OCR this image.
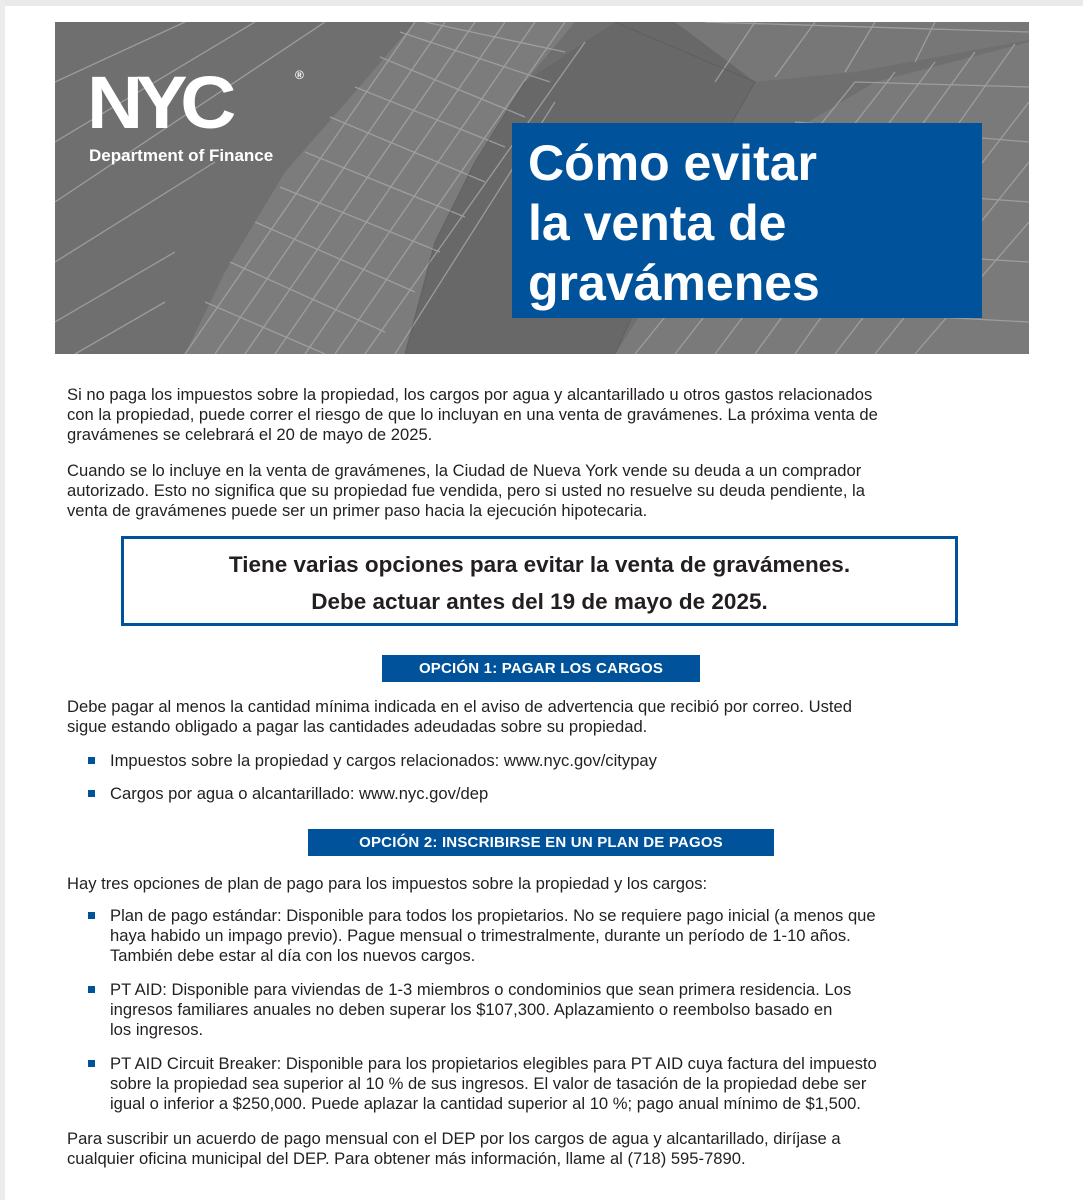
NYC	®
Department of Finance	Cómo evitar
la venta de
gravámenes
Si no paga los impuestos sobre la propiedad, los cargos por agua y alcantarillado u otros gastos relacionados
con la propiedad, puede correr el riesgo de que lo incluyan en una venta de gravámenes. La próxima venta de
gravámenes se celebrará el 20 de mayo de 2025.
Cuando se lo incluye en la venta de gravámenes, la Ciudad de Nueva York vende su deuda a un comprador
autorizado. Esto no significa que su propiedad fue vendida, pero si usted no resuelve su deuda pendiente, la
venta de gravámenes puede ser un primer paso hacia la ejecución hipotecaria.
Tiene varias opciones para evitar la venta de gravámenes.
Debe actuar antes del 19 de mayo de 2025.
OPCIÓN 1: PAGAR LOS CARGOS
Debe pagar al menos la cantidad mínima indicada en el aviso de advertencia que recibió por correo. Usted
sigue estando obligado a pagar las cantidades adeudadas sobre su propiedad.
Impuestos sobre la propiedad y cargos relacionados: www.nyc.gov/citypay
Cargos por agua o alcantarillado: www.nyc.gov/dep
OPCIÓN 2: INSCRIBIRSE EN UN PLAN DE PAGOS
Hay tres opciones de plan de pago para los impuestos sobre la propiedad y los cargos:
Plan de pago estándar: Disponible para todos los propietarios. No se requiere pago inicial (a menos que
haya habido un impago previo). Pague mensual o trimestralmente, durante un período de 1-10 años.
También debe estar al día con los nuevos cargos.
PT AID: Disponible para viviendas de 1-3 miembros o condominios que sean primera residencia. Los
ingresos familiares anuales no deben superar los $107,300. Aplazamiento o reembolso basado en
los ingresos.
PT AID Circuit Breaker: Disponible para los propietarios elegibles para PT AID cuya factura del impuesto
sobre la propiedad sea superior al 10 % de sus ingresos. El valor de tasación de la propiedad debe ser
igual o inferior a $250,000. Puede aplazar la cantidad superior al 10 %; pago anual mínimo de $1,500.
Para suscribir un acuerdo de pago mensual con el DEP por los cargos de agua y alcantarillado, diríjase a
cualquier oficina municipal del DEP. Para obtener más información, llame al (718) 595-7890.
